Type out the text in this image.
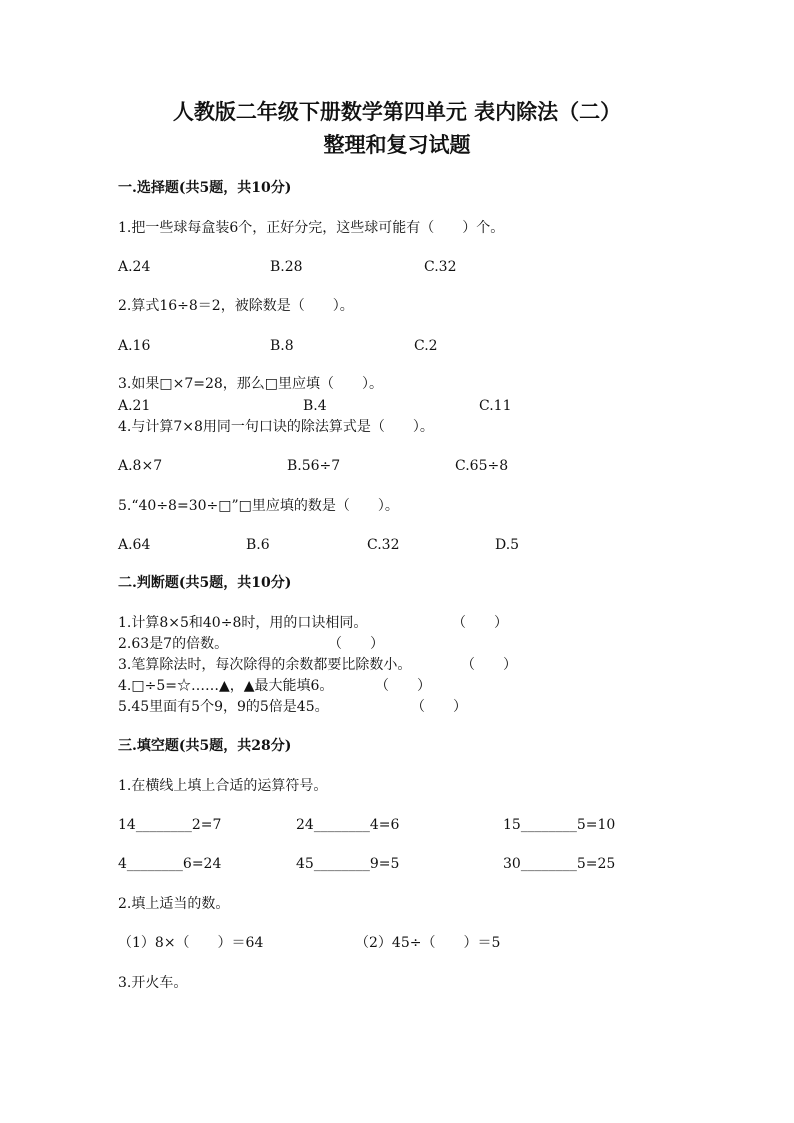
人教版二年级下册数学第四单元 表内除法（二）
整理和复习试题
一.选择题(共5题，共10分)
1.把一些球每盒装6个，正好分完，这些球可能有（　　）个。
A.24	B.28	C.32
2.算式16÷8＝2，被除数是（　　）。
A.16	B.8	C.2
3.如果□×7=28，那么□里应填（　　）。
A.21	B.4	C.11
4.与计算7×8用同一句口诀的除法算式是（　　）。
A.8×7	B.56÷7	C.65÷8
5.“40÷8=30÷□”□里应填的数是（　　）。
A.64	B.6	C.32	D.5
二.判断题(共5题，共10分)
1.计算8×5和40÷8时，用的口诀相同。	（　　）
2.63是7的倍数。	（　　）
3.笔算除法时，每次除得的余数都要比除数小。	（　　）
4.□÷5=☆……▲，▲最大能填6。	（　　）
5.45里面有5个9，9的5倍是45。	（　　）
三.填空题(共5题，共28分)
1.在横线上填上合适的运算符号。
14________2=7	24________4=6	15________5=10
4________6=24	45________9=5	30________5=25
2.填上适当的数。
（1）8×（　　）＝64	（2）45÷（　　）＝5
3.开火车。
